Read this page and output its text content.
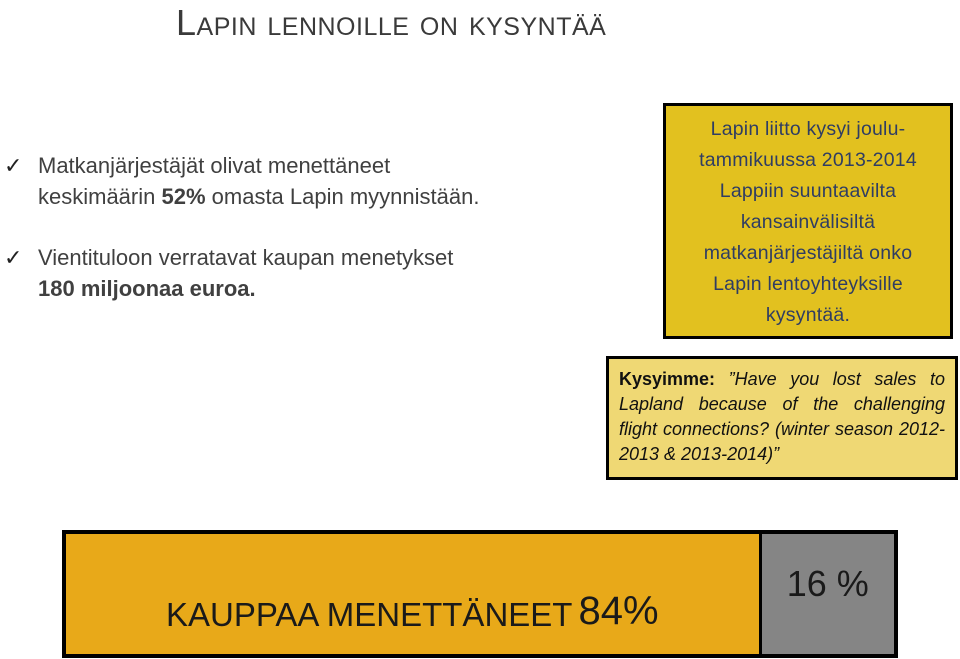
Lapin lennoille on kysyntää
✓ Matkanjärjestäjät olivat menettäneet keskimäärin 52% omasta Lapin myynnistään.
✓ Vientituloon verratavat kaupan menetykset 180 miljoonaa euroa.
Lapin liitto kysyi joulu-
tammikuussa 2013-2014
Lappiin suuntaavilta
kansainvälisiltä
matkanjärjestäjiltä onko
Lapin lentoyhteyksille
kysyntää.
Kysyimme: ”Have you lost sales to Lapland because of the challenging flight connections? (winter season 2012-2013 & 2013-2014)”
KAUPPAA MENETTÄNEET 84%
16 %
